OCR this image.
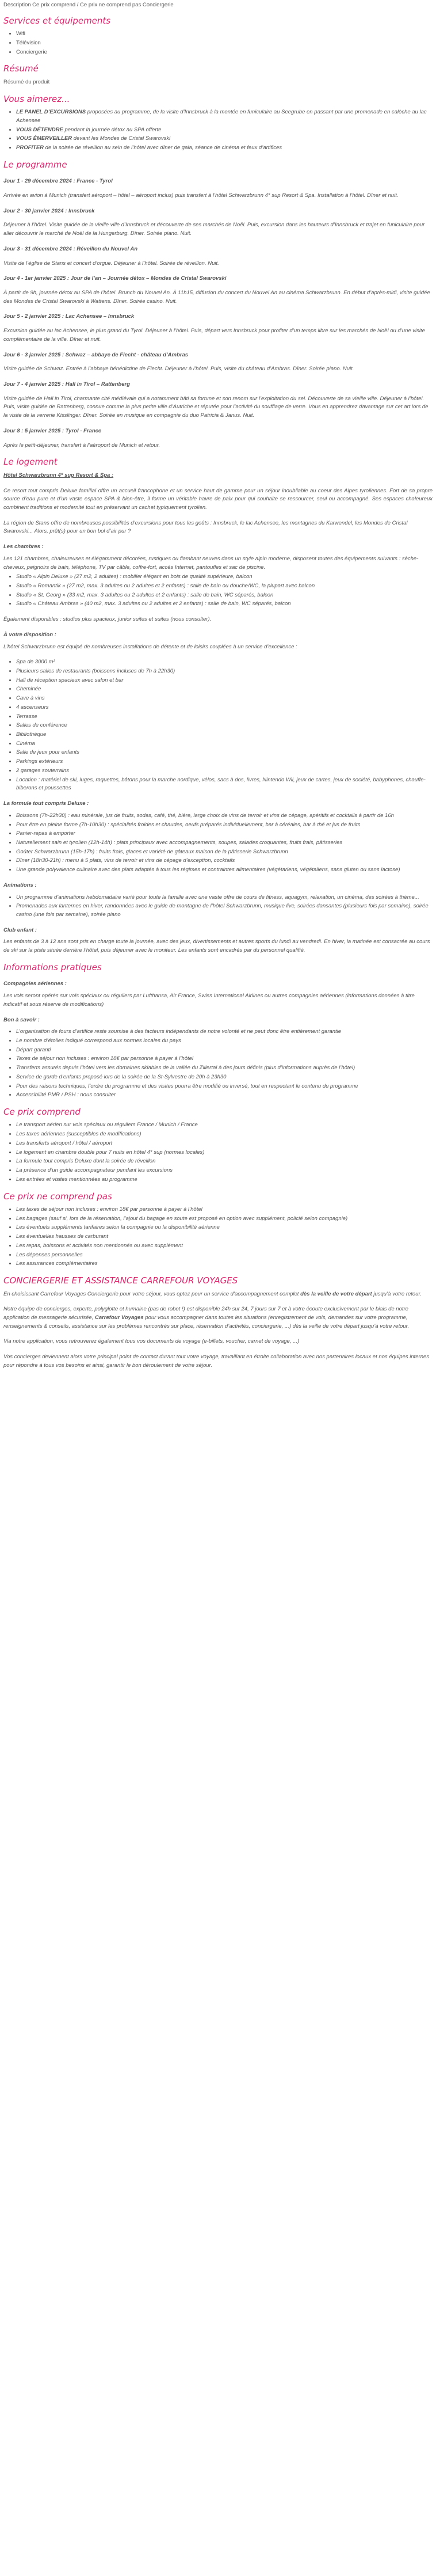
Description Ce prix comprend / Ce prix ne comprend pas Conciergerie
Services et équipements
• Wifi
• Télévision
• Conciergerie
Résumé

Résumé du produit

Vous aimerez...
• LE PANEL D’EXCURSIONS proposées au programme, de la visite d’Innsbruck à la montée en funiculaire au Seegrube en passant par une promenade en calèche au lac Achensee
• VOUS DÉTENDRE pendant la journée détox au SPA offerte
• VOUS ÉMERVEILLER devant les Mondes de Cristal Swarovski
• PROFITER de la soirée de réveillon au sein de l’hôtel avec dîner de gala, séance de cinéma et feux d’artifices
Le programme
Jour 1 - 29 décembre 2024 : France - Tyrol

Arrivée en avion à Munich (transfert aéroport – hôtel – aéroport inclus) puis transfert à l’hôtel Schwarzbrunn 4* sup Resort & Spa. Installation à l’hôtel. Dîner et nuit.

Jour 2 - 30 janvier 2024 : Innsbruck

Déjeuner à l’hôtel. Visite guidée de la vieille ville d’Innsbruck et découverte de ses marchés de Noël. Puis, excursion dans les hauteurs d’Innsbruck et trajet en funiculaire pour aller découvrir le marché de Noël de la Hungerburg. Dîner. Soirée piano. Nuit.

Jour 3 - 31 décembre 2024 : Réveillon du Nouvel An

Visite de l’église de Stans et concert d’orgue. Déjeuner à l’hôtel. Soirée de réveillon. Nuit.

Jour 4 - 1er janvier 2025 : Jour de l’an – Journée détox – Mondes de Cristal Swarovski

À partir de 9h, journée détox au SPA de l’hôtel. Brunch du Nouvel An. À 11h15, diffusion du concert du Nouvel An au cinéma Schwarzbrunn. En début d’après-midi, visite guidée des Mondes de Cristal Swarovski à Wattens. Dîner. Soirée casino. Nuit.

Jour 5 - 2 janvier 2025 : Lac Achensee – Innsbruck

Excursion guidée au lac Achensee, le plus grand du Tyrol. Déjeuner à l’hôtel. Puis, départ vers Innsbruck pour profiter d’un temps libre sur les marchés de Noël ou d’une visite complémentaire de la ville. Dîner et nuit.

Jour 6 - 3 janvier 2025 : Schwaz – abbaye de Fiecht - château d’Ambras

Visite guidée de Schwaz. Entrée à l’abbaye bénédictine de Fiecht. Déjeuner à l’hôtel. Puis, visite du château d’Ambras. Dîner. Soirée piano. Nuit.

Jour 7 - 4 janvier 2025 : Hall in Tirol – Rattenberg

Visite guidée de Hall in Tirol, charmante cité médiévale qui a notamment bâti sa fortune et son renom sur l’exploitation du sel. Découverte de sa vieille ville. Déjeuner à l’hôtel. Puis, visite guidée de Rattenberg, connue comme la plus petite ville d’Autriche et réputée pour l’activité du soufflage de verre. Vous en apprendrez davantage sur cet art lors de la visite de la verrerie Kisslinger. Dîner. Soirée en musique en compagnie du duo Patricia & Janus. Nuit.

Jour 8 : 5 janvier 2025 : Tyrol - France

Après le petit-déjeuner, transfert à l’aéroport de Munich et retour.

Le logement
Hôtel Schwarzbrunn 4* sup Resort & Spa :

Ce resort tout compris Deluxe familial offre un accueil francophone et un service haut de gamme pour un séjour inoubliable au coeur des Alpes tyroliennes. Fort de sa propre source d’eau pure et d’un vaste espace SPA & bien-être, il forme un véritable havre de paix pour qui souhaite se ressourcer, seul ou accompagné. Ses espaces chaleureux combinent traditions et modernité tout en préservant un cachet typiquement tyrolien.

La région de Stans offre de nombreuses possibilités d’excursions pour tous les goûts : Innsbruck, le lac Achensee, les montagnes du Karwendel, les Mondes de Cristal Swarovski... Alors, prêt(s) pour un bon bol d’air pur ?

Les chambres :

Les 121 chambres, chaleureuses et élégamment décorées, rustiques ou flambant neuves dans un style alpin moderne, disposent toutes des équipements suivants : sèche-cheveux, peignoirs de bain, téléphone, TV par câble, coffre-fort, accès Internet, pantoufles et sac de piscine.

• Studio « Alpin Deluxe » (27 m2, 2 adultes) : mobilier élégant en bois de qualité supérieure, balcon
• Studio « Romantik » (27 m2, max. 3 adultes ou 2 adultes et 2 enfants) : salle de bain ou douche/WC, la plupart avec balcon
• Studio « St. Georg » (33 m2, max. 3 adultes ou 2 adultes et 2 enfants) : salle de bain, WC séparés, balcon
• Studio « Château Ambras » (40 m2, max. 3 adultes ou 2 adultes et 2 enfants) : salle de bain, WC séparés, balcon

Également disponibles : studios plus spacieux, junior suites et suites (nous consulter).

À votre disposition :

L’hôtel Schwarzbrunn est équipé de nombreuses installations de détente et de loisirs couplées à un service d’excellence :

• Spa de 3000 m²
• Plusieurs salles de restaurants (boissons incluses de 7h à 22h30)
• Hall de réception spacieux avec salon et bar
• Cheminée
• Cave à vins
• 4 ascenseurs
• Terrasse
• Salles de conférence
• Bibliothèque
• Cinéma
• Salle de jeux pour enfants
• Parkings extérieurs
• 2 garages souterrains
• Location : matériel de ski, luges, raquettes, bâtons pour la marche nordique, vélos, sacs à dos, livres, Nintendo Wii, jeux de cartes, jeux de société, babyphones, chauffe-biberons et poussettes
La formule tout compris Deluxe :
• Boissons (7h-22h30) : eau minérale, jus de fruits, sodas, café, thé, bière, large choix de vins de terroir et vins de cépage, apéritifs et cocktails à partir de 16h
• Pour être en pleine forme (7h-10h30) : spécialités froides et chaudes, oeufs préparés individuellement, bar à céréales, bar à thé et jus de fruits
• Panier-repas à emporter
• Naturellement sain et tyrolien (12h-14h) : plats principaux avec accompagnements, soupes, salades croquantes, fruits frais, pâtisseries
• Goûter Schwarzbrunn (15h-17h) : fruits frais, glaces et variété de gâteaux maison de la pâtisserie Schwarzbrunn
• Dîner (18h30-21h) : menu à 5 plats, vins de terroir et vins de cépage d’exception, cocktails
• Une grande polyvalence culinaire avec des plats adaptés à tous les régimes et contraintes alimentaires (végétariens, végétaliens, sans gluten ou sans lactose)
Animations :
• Un programme d’animations hebdomadaire varié pour toute la famille avec une vaste offre de cours de fitness, aquagym, relaxation, un cinéma, des soirées à thème...
• Promenades aux lanternes en hiver, randonnées avec le guide de montagne de l’hôtel Schwarzbrunn, musique live, soirées dansantes (plusieurs fois par semaine), soirée casino (une fois par semaine), soirée piano
Club enfant :

Les enfants de 3 à 12 ans sont pris en charge toute la journée, avec des jeux, divertissements et autres sports du lundi au vendredi. En hiver, la matinée est consacrée au cours de ski sur la piste située derrière l’hôtel, puis déjeuner avec le moniteur. Les enfants sont encadrés par du personnel qualifié.

Informations pratiques
Compagnies aériennes :

Les vols seront opérés sur vols spéciaux ou réguliers par Lufthansa, Air France, Swiss International Airlines ou autres compagnies aériennes (informations données à titre indicatif et sous réserve de modifications)

Bon à savoir :
• L’organisation de fours d’artifice reste soumise à des facteurs indépendants de notre volonté et ne peut donc être entièrement garantie
• Le nombre d’étoiles indiqué correspond aux normes locales du pays
• Départ garanti
• Taxes de séjour non incluses : environ 18€ par personne à payer à l’hôtel
• Transferts assurés depuis l’hôtel vers les domaines skiables de la vallée du Zillertal à des jours définis (plus d’informations auprès de l’hôtel)
• Service de garde d’enfants proposé lors de la soirée de la St-Sylvestre de 20h à 23h30
• Pour des raisons techniques, l’ordre du programme et des visites pourra être modifié ou inversé, tout en respectant le contenu du programme
• Accessibilité PMR / PSH : nous consulter
Ce prix comprend
• Le transport aérien sur vols spéciaux ou réguliers France / Munich / France
• Les taxes aériennes (susceptibles de modifications)
• Les transferts aéroport / hôtel / aéroport
• Le logement en chambre double pour 7 nuits en hôtel 4* sup (normes locales)
• La formule tout compris Deluxe dont la soirée de réveillon
• La présence d’un guide accompagnateur pendant les excursions
• Les entrées et visites mentionnées au programme
Ce prix ne comprend pas
• Les taxes de séjour non incluses : environ 18€ par personne à payer à l’hôtel
• Les bagages (sauf si, lors de la réservation, l’ajout du bagage en soute est proposé en option avec supplément, policié selon compagnie)
• Les éventuels suppléments tarifaires selon la compagnie ou la disponibilité aérienne
• Les éventuelles hausses de carburant
• Les repas, boissons et activités non mentionnés ou avec supplément
• Les dépenses personnelles
• Les assurances complémentaires
CONCIERGERIE ET ASSISTANCE CARREFOUR VOYAGES

En choisissant Carrefour Voyages Conciergerie pour votre séjour, vous optez pour un service d’accompagnement complet dès la veille de votre départ jusqu’à votre retour.

Notre équipe de concierges, experte, polyglotte et humaine (pas de robot !) est disponible 24h sur 24, 7 jours sur 7 et à votre écoute exclusivement par le biais de notre application de messagerie sécurisée, Carrefour Voyages pour vous accompagner dans toutes les situations (enregistrement de vols, demandes sur votre programme, renseignements & conseils, assistance sur les problèmes rencontrés sur place, réservation d’activités, conciergerie, ...) dès la veille de votre départ jusqu’à votre retour.

Via notre application, vous retrouverez également tous vos documents de voyage (e-billets, voucher, carnet de voyage, ...)

Vos concierges deviennent alors votre principal point de contact durant tout votre voyage, travaillant en étroite collaboration avec nos partenaires locaux et nos équipes internes pour répondre à tous vos besoins et ainsi, garantir le bon déroulement de votre séjour.
